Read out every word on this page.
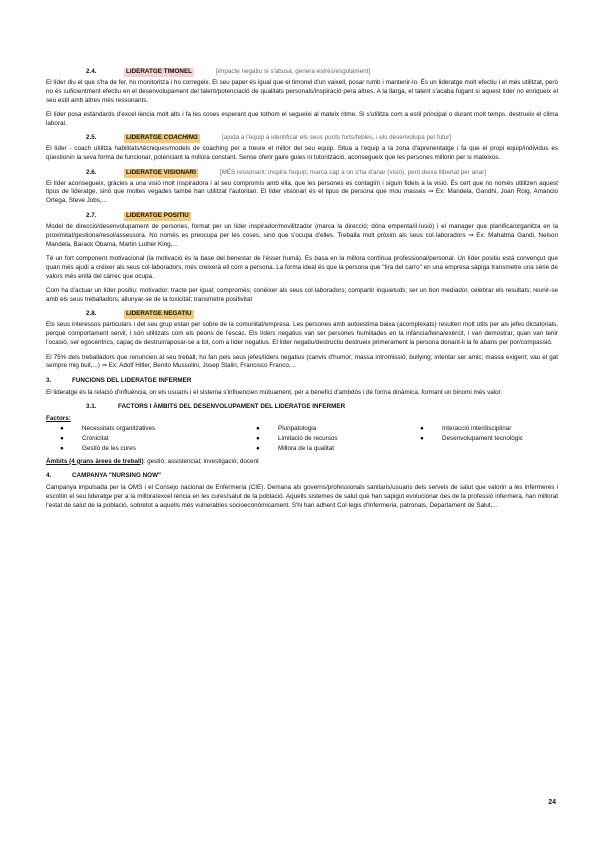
2.4.	LIDERATGE TIMONEL	[impacte negatiu si s'abusa; genera estrès/esgotament]

El líder diu el que s'ha de fer, ho monitoritza i ho corregeix. El seu paper és igual que el timonel d'un vaixell, posar rumb i mantenir-lo. És un lideratge molt efectiu i el més utilitzat, però no és suficientment efectiu en el desenvolupament del talent/potenciació de qualitats personals/inspiració pera altres. A la llarga, el talent s'acaba fugant si aquest líder no enriqueix el seu estil amb altres més ressonants.

El líder posa estàndards d'excel·lència molt alts i fa les coses esperant que tothom el segueixi al mateix ritme. Si s'utilitza com a estil principal o durant molt temps, destrueix el clima laboral.

2.5.	LIDERATGE COACHING	[ajuda a l'equip a identificar els seus punts forts/febles, i els desenvolupa pel futur]

El líder - coach utilitza habilitats/tècniques/models de coaching per a treure el millor del seu equip. Situa a l'equip a la zona d'aprenentatge i fa que el propi equip/individus es qüestionin la seva forma de funcionar, potenciant la millora constant. Sense oferir gaire guies ni tutorització, aconsegueix que les persones millorin per si mateixos.

2.6.	LIDERATGE VISIONARI	[MÉS ressonant; inspira l'equip; marca cap a on s'ha d'anar (visió), però deixa llibertat per anar]

El líder aconsegueix, gràcies a una visió molt inspiradora i al seu compromís amb ella, que les persones es contagiïn i siguin fidels a la visió. És cert que no només utilitzen aquest tipus de lideratge, sinó que moltes vegades també han utilitzat l'autoritari. El líder visionari és el tipus de persona que mou masses ⇒ Ex: Mandela, Gandhi, Joan Roig, Amancio Ortega, Steve Jobs,...

2.7.	LIDERATGE POSITIU

Model de direcció/desenvolupament de persones, format per un líder inspirador/movilitzador (marca la direcció; dóna empenta/il·lusió) i el manager que planifica/organitza en la proximitat/gestiona/resol/assessora. No només es preocupa per les coses, sinó que s'ocupa d'elles. Treballa molt pròxim als seus col·laboradors ⇒ Ex: Mahatma Gandi, Nelson Mandela, Barack Obama, Martin Luther King,...

Té un fort component motivacional (la motivació és la base del benestar de l'ésser humà). Es basa en la millora contínua professional/personal. Un líder positiu està convençut que quan més ajudi a créixer als seus col·laboradors, més creixerà ell com a persona. La forma ideal és que la persona que "tira del carro" en una empresa sàpiga transmetre una sèrie de valors més enllà del càrrec que ocupa.

Com ha d'actuar un líder positiu: motivador; tracte per igual; compromès; conèixer als seus col·laboradors; compartir inquietuds; ser un bon mediador, celebrar els resultats; reunir-se amb els seus treballadors; allunyar-se de la toxicitat; transmetre positivitat

2.8.	LIDERATGE NEGATIU

Els seus interessos particulars i del seu grup estan per sobre de la comunitat/empresa. Les persones amb autoestima baixa (acomplexats) resulten molt útils per als jefes dictatorials, perquè comportament servil, i són utilitzats com els peons de l'escac. Els líders negatius van ser persones humiliades en la infància/feina/exèrcit, i van demostrar, quan van tenir l'ocasió, ser egocèntrics, capaç de destruir/aposar-se a tot, com a líder negatius. El líder negatiu/destructiu destrueix primerament la persona donant-li la fe abans per por/compassió.

El 75% dels treballadors que renuncien al seu treball, ho fan pels seus jefes/líders negatius (canvis d'humor; massa intromissió; bullying; intentar ser amic; massa exigent; vau el gat sempre mig buit,...) ⇒ Ex: Adolf Hitler, Benito Mussolini, Josep Stalin, Francisco Franco,...

3.	FUNCIONS DEL LIDERATGE INFERMER

El lideratge és la relació d'influència, on els usuaris i el sistema s'influencien mútuament, per a benefici d'ambdós i de forma dinàmica, formant un binomi més valor.

3.1.	FACTORS I ÀMBITS DEL DESENVOLUPAMENT DEL LIDERATGE INFERMER
Factors:
●	Necessitats organitzatives	●	Pluripatologia	●	Interacció interdisciplinar
●	Cronicitat	●	Limitació de recursos	●	Desenvolupament tecnològic
●	Gestió de les cures	●	Millora de la qualitat

Àmbits (4 grans àrees de treball): gestió; assistencial; investigació; docent

4.	CAMPANYA "NURSING NOW"

Campanya impulsada per la OMS i el Consejo nacional de Enfermería (CIE). Demana als governs/professionals sanitaris/usuaris dels serveis de salut que valorin a les infermeres i escoltin el seu lideratge per a la millora/excel·lència en les cures/salut de la població. Aquells sistemes de salut que han sapigut evolucionar des de la professió infermera, han millorat l'estat de salut de la població, sobretot a aquells més vulnerables socioeconòmicament. S'hi han adherit Col·legis d'Infermeria, patronals, Departament de Salut,...

24
